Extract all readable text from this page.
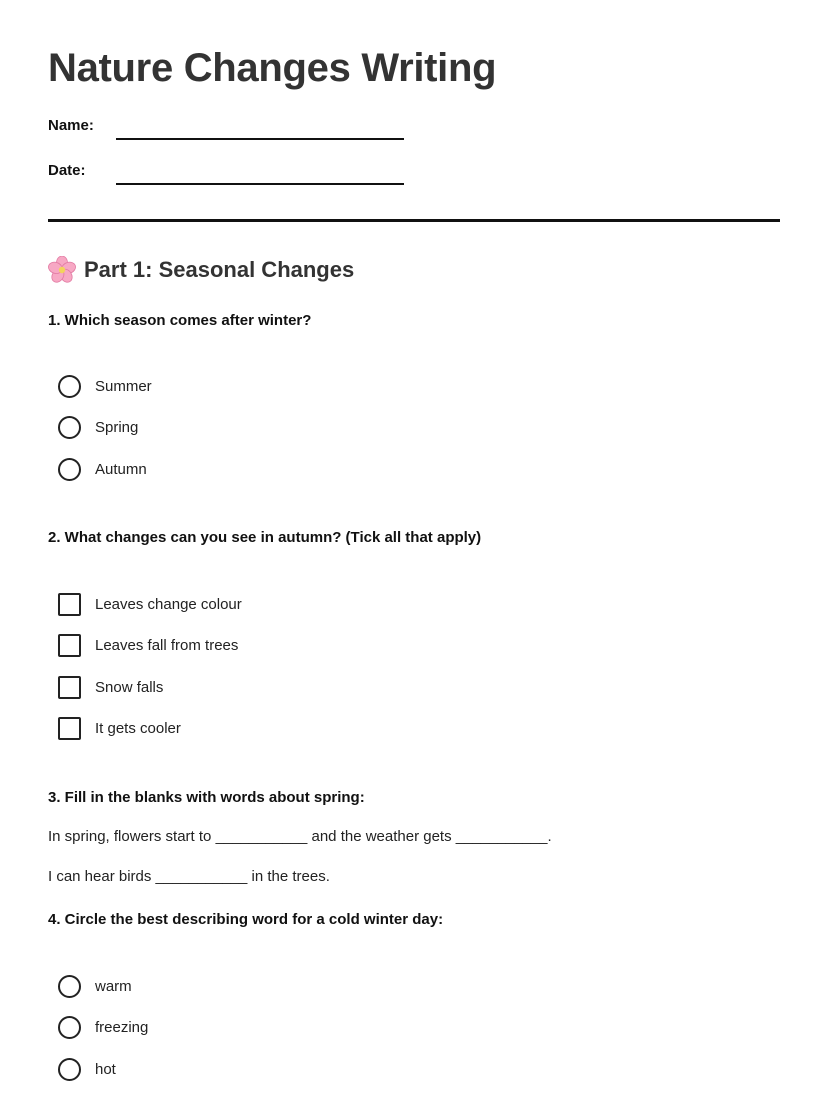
Nature Changes Writing
Name:
Date:
Part 1: Seasonal Changes
1. Which season comes after winter?
Summer
Spring
Autumn
2. What changes can you see in autumn? (Tick all that apply)
Leaves change colour
Leaves fall from trees
Snow falls
It gets cooler
3. Fill in the blanks with words about spring:
In spring, flowers start to ___________ and the weather gets ___________.
I can hear birds ___________ in the trees.
4. Circle the best describing word for a cold winter day:
warm
freezing
hot
